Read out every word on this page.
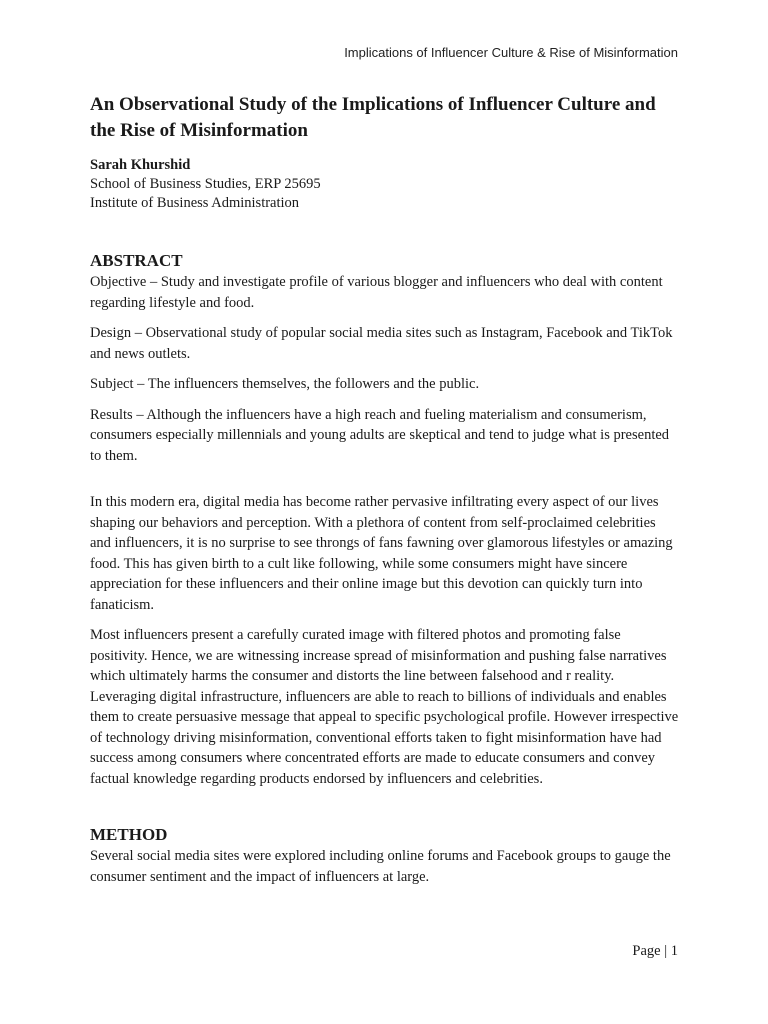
Implications of Influencer Culture & Rise of Misinformation
An Observational Study of the Implications of Influencer Culture and the Rise of Misinformation
Sarah Khurshid
School of Business Studies, ERP 25695
Institute of Business Administration
ABSTRACT

Objective – Study and investigate profile of various blogger and influencers who deal with content regarding lifestyle and food.

Design – Observational study of popular social media sites such as Instagram, Facebook and TikTok and news outlets.

Subject – The influencers themselves, the followers and the public.

Results – Although the influencers have a high reach and fueling materialism and consumerism, consumers especially millennials and young adults are skeptical and tend to judge what is presented to them.

In this modern era, digital media has become rather pervasive infiltrating every aspect of our lives shaping our behaviors and perception. With a plethora of content from self-proclaimed celebrities and influencers, it is no surprise to see throngs of fans fawning over glamorous lifestyles or amazing food. This has given birth to a cult like following, while some consumers might have sincere appreciation for these influencers and their online image but this devotion can quickly turn into fanaticism.

Most influencers present a carefully curated image with filtered photos and promoting false positivity. Hence, we are witnessing increase spread of misinformation and pushing false narratives which ultimately harms the consumer and distorts the line between falsehood and r reality. Leveraging digital infrastructure, influencers are able to reach to billions of individuals and enables them to create persuasive message that appeal to specific psychological profile. However irrespective of technology driving misinformation, conventional efforts taken to fight misinformation have had success among consumers where concentrated efforts are made to educate consumers and convey factual knowledge regarding products endorsed by influencers and celebrities.

METHOD

Several social media sites were explored including online forums and Facebook groups to gauge the consumer sentiment and the impact of influencers at large.

Page | 1
